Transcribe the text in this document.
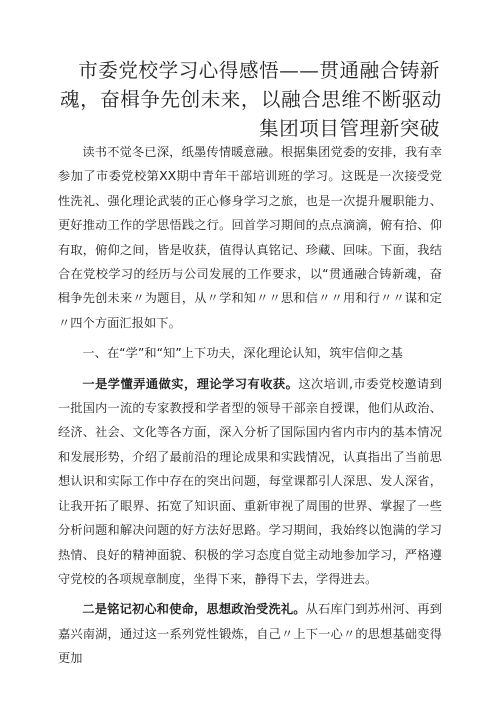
市委党校学习心得感悟——贯通融合铸新
魂，奋楫争先创未来，以融合思维不断驱动
集团项目管理新突破

读书不觉冬已深，纸墨传情暖意融。根据集团党委的安排，我有幸参加了市委党校第XX期中青年干部培训班的学习。这既是一次接受党性洗礼、强化理论武装的正心修身学习之旅，也是一次提升履职能力、更好推动工作的学思悟践之行。回首学习期间的点点滴滴，俯有拾、仰有取，俯仰之间，皆是收获，值得认真铭记、珍藏、回味。下面，我结合在党校学习的经历与公司发展的工作要求，以“贯通融合铸新魂，奋楫争先创未来〃为题目，从〃学和知〃〃思和信〃〃用和行〃〃谋和定〃四个方面汇报如下。

一、在“学”和“知”上下功夫，深化理论认知，筑牢信仰之基

一是学懂弄通做实，理论学习有收获。这次培训,市委党校邀请到一批国内一流的专家教授和学者型的领导干部亲自授课，他们从政治、经济、社会、文化等各方面，深入分析了国际国内省内市内的基本情况和发展形势，介绍了最前沿的理论成果和实践情况，认真指出了当前思想认识和实际工作中存在的突出问题，每堂课都引人深思、发人深省，让我开拓了眼界、拓宽了知识面、重新审视了周围的世界、掌握了一些分析问题和解决问题的好方法好思路。学习期间，我始终以饱满的学习热情、良好的精神面貌、积极的学习态度自觉主动地参加学习，严格遵守党校的各项规章制度，坐得下来，静得下去，学得进去。

二是铭记初心和使命，思想政治受洗礼。从石库门到苏州河、再到嘉兴南湖，通过这一系列党性锻炼，自己〃上下一心〃的思想基础变得更加
